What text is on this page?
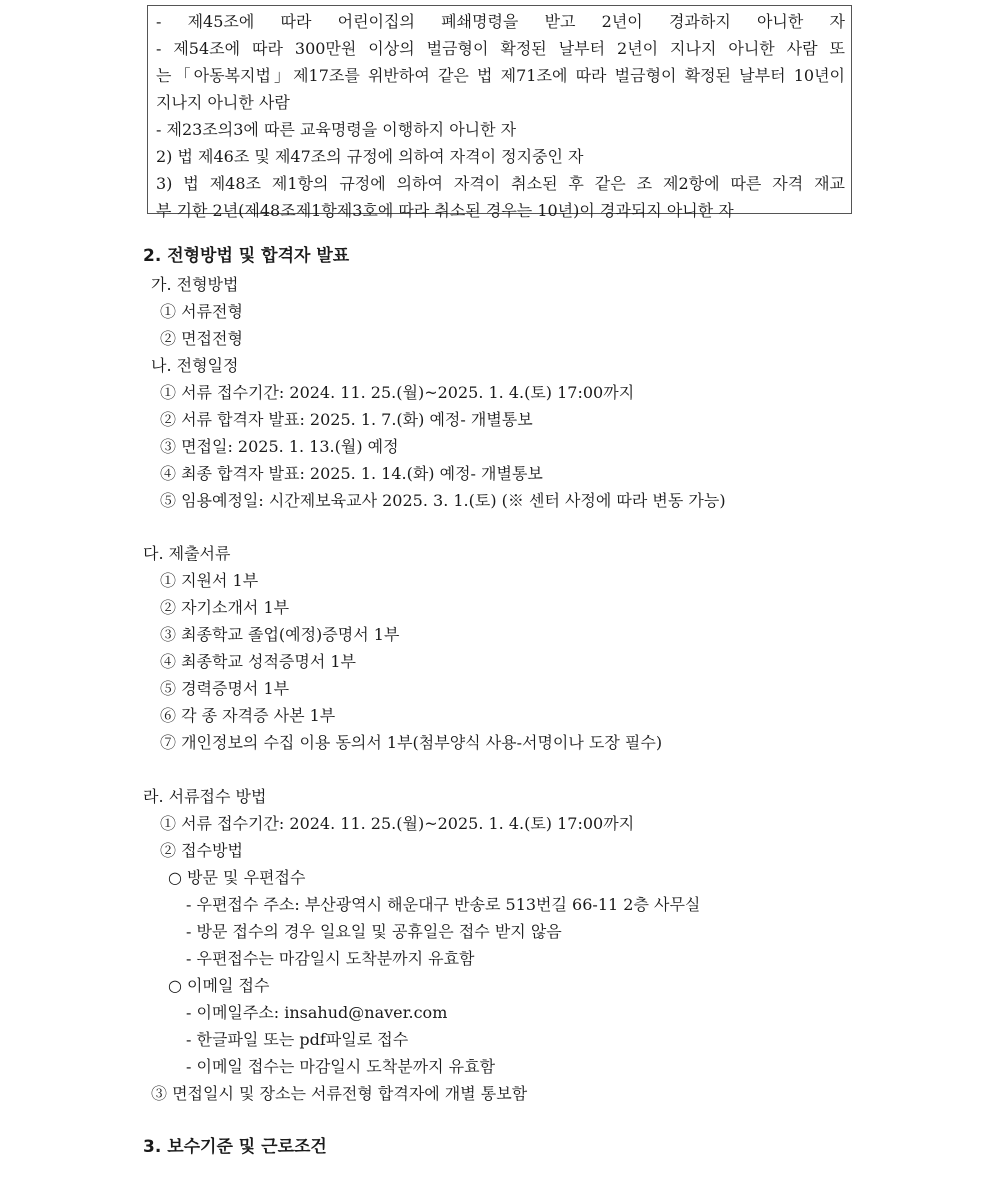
- 제45조에 따라 어린이집의 폐쇄명령을 받고 2년이 경과하지 아니한 자
- 제54조에 따라 300만원 이상의 벌금형이 확정된 날부터 2년이 지나지 아니한 사람 또
는「아동복지법」제17조를 위반하여 같은 법 제71조에 따라 벌금형이 확정된 날부터 10년이
지나지 아니한 사람
- 제23조의3에 따른 교육명령을 이행하지 아니한 자
2) 법 제46조 및 제47조의 규정에 의하여 자격이 정지중인 자
3) 법 제48조 제1항의 규정에 의하여 자격이 취소된 후 같은 조 제2항에 따른 자격 재교
부 기한 2년(제48조제1항제3호에 따라 취소된 경우는 10년)이 경과되지 아니한 자
2. 전형방법 및 합격자 발표
가. 전형방법
① 서류전형
② 면접전형
나. 전형일정
① 서류 접수기간: 2024. 11. 25.(월)~2025. 1. 4.(토) 17:00까지
② 서류 합격자 발표: 2025. 1. 7.(화) 예정- 개별통보
③ 면접일: 2025. 1. 13.(월) 예정
④ 최종 합격자 발표: 2025. 1. 14.(화) 예정- 개별통보
⑤ 임용예정일: 시간제보육교사 2025. 3. 1.(토) (※ 센터 사정에 따라 변동 가능)
다. 제출서류
① 지원서 1부
② 자기소개서 1부
③ 최종학교 졸업(예정)증명서 1부
④ 최종학교 성적증명서 1부
⑤ 경력증명서 1부
⑥ 각 종 자격증 사본 1부
⑦ 개인정보의 수집 이용 동의서 1부(첨부양식 사용-서명이나 도장 필수)
라. 서류접수 방법
① 서류 접수기간: 2024. 11. 25.(월)~2025. 1. 4.(토) 17:00까지
② 접수방법
○ 방문 및 우편접수
- 우편접수 주소: 부산광역시 해운대구 반송로 513번길 66-11 2층 사무실
- 방문 접수의 경우 일요일 및 공휴일은 접수 받지 않음
- 우편접수는 마감일시 도착분까지 유효함
○ 이메일 접수
- 이메일주소: insahud@naver.com
- 한글파일 또는 pdf파일로 접수
- 이메일 접수는 마감일시 도착분까지 유효함
③ 면접일시 및 장소는 서류전형 합격자에 개별 통보함
3. 보수기준 및 근로조건
